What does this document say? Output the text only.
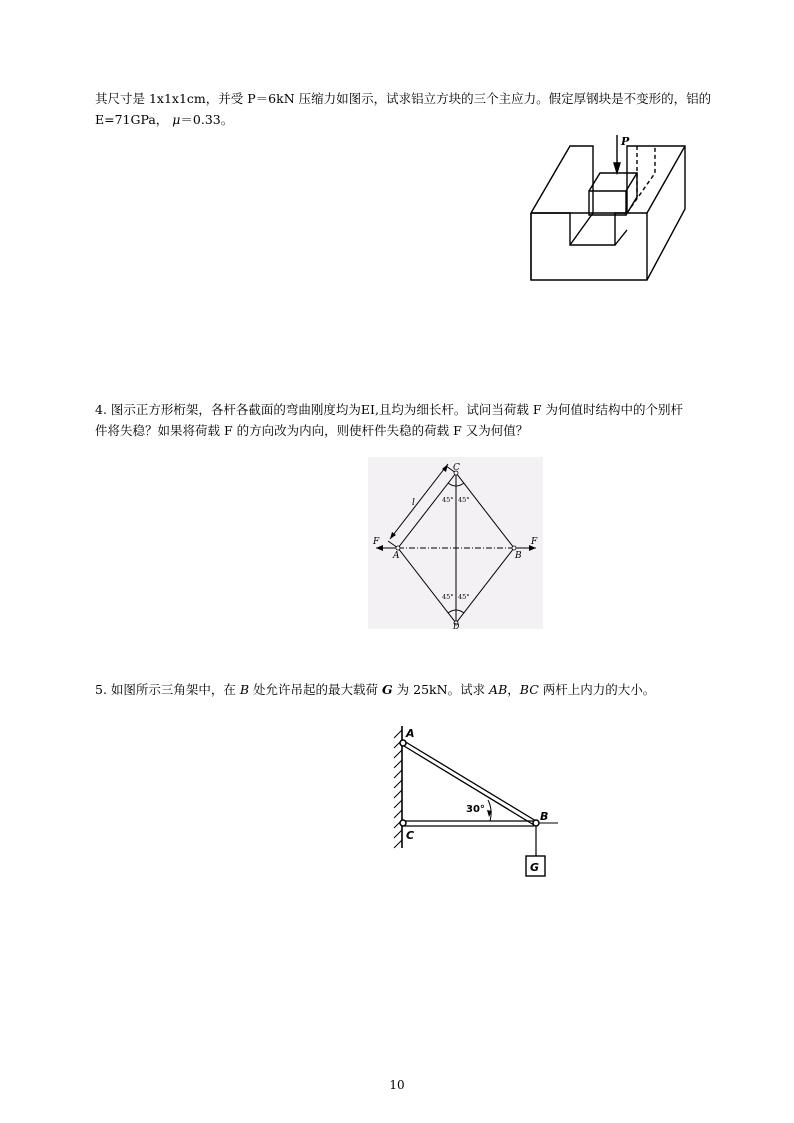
其尺寸是 1x1x1cm，并受 P＝6kN 压缩力如图示，试求铝立方块的三个主应力。假定厚钢块是不变形的，铝的
E=71GPa， μ＝0.33。

P

4. 图示正方形桁架，各杆各截面的弯曲刚度均为EI,且均为细长杆。试问当荷载 F 为何值时结构中的个别杆
件将失稳？如果将荷载 F 的方向改为内向，则使杆件失稳的荷载 F 又为何值？

C
A	B
D
F	F
l	45° 45°
45° 45°

5. 如图所示三角架中，在 B 处允许吊起的最大载荷 G 为 25kN。试求 AB，BC 两杆上内力的大小。

A
C
B
G
30°
10
